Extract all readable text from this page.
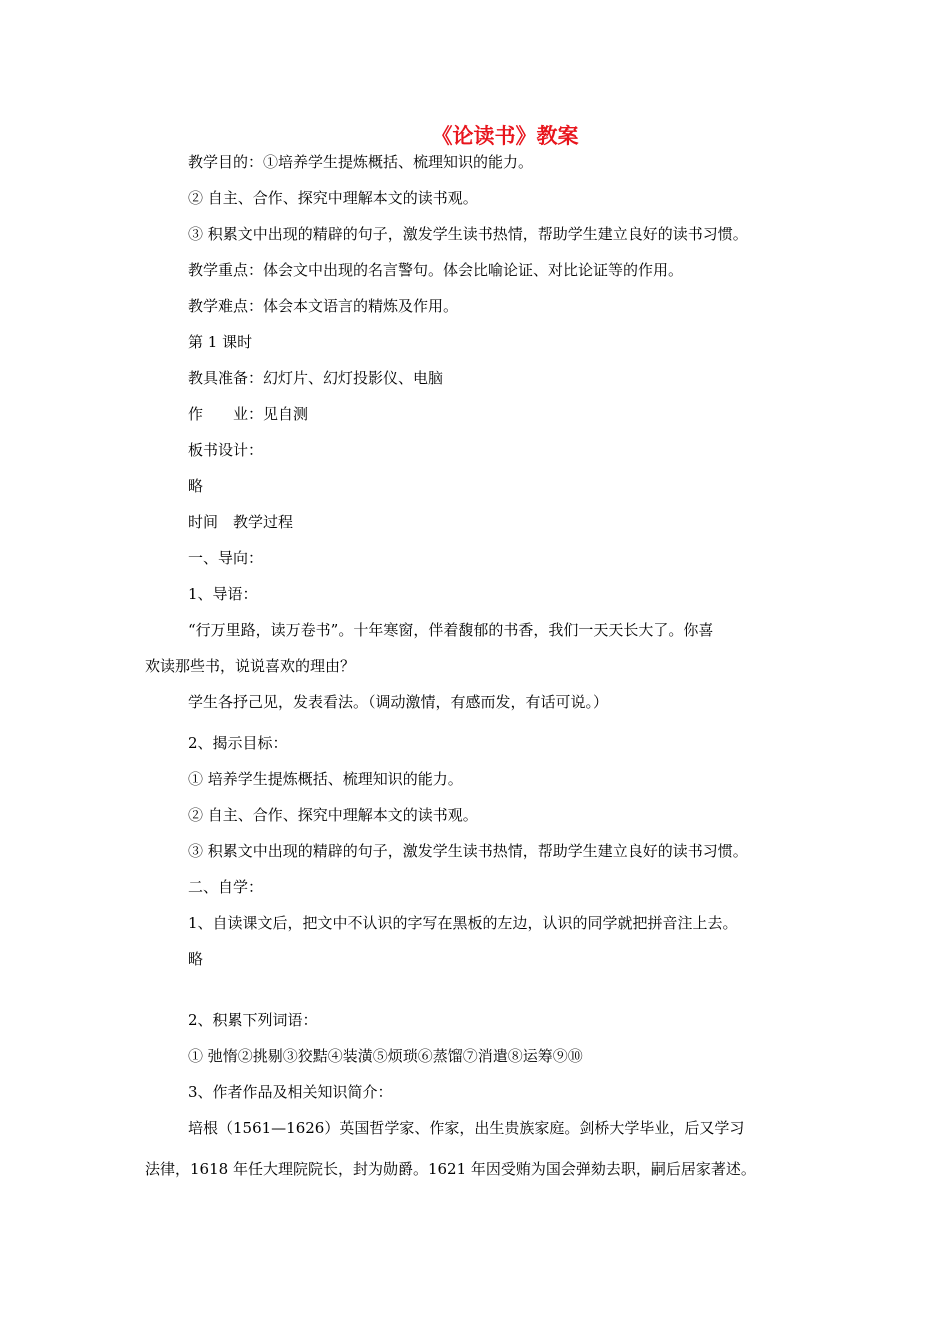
《论读书》教案
教学目的：①培养学生提炼概括、梳理知识的能力。
② 自主、合作、探究中理解本文的读书观。
③ 积累文中出现的精辟的句子，激发学生读书热情，帮助学生建立良好的读书习惯。
教学重点：体会文中出现的名言警句。体会比喻论证、对比论证等的作用。
教学难点：体会本文语言的精炼及作用。
第 1 课时
教具准备：幻灯片、幻灯投影仪、电脑
作　　业：见自测
板书设计：
略
时间　教学过程
一、导向：
1、导语：
“行万里路，读万卷书”。十年寒窗，伴着馥郁的书香，我们一天天长大了。你喜
欢读那些书，说说喜欢的理由？
学生各抒己见，发表看法。（调动激情，有感而发，有话可说。）
2、揭示目标：
① 培养学生提炼概括、梳理知识的能力。
② 自主、合作、探究中理解本文的读书观。
③ 积累文中出现的精辟的句子，激发学生读书热情，帮助学生建立良好的读书习惯。
二、自学：
1、自读课文后，把文中不认识的字写在黑板的左边，认识的同学就把拼音注上去。
略
2、积累下列词语：
① 弛惰②挑剔③狡黠④装潢⑤烦琐⑥蒸馏⑦消遣⑧运筹⑨⑩
3、作者作品及相关知识简介：
培根（1561—1626）英国哲学家、作家，出生贵族家庭。剑桥大学毕业，后又学习
法律，1618 年任大理院院长，封为勋爵。1621 年因受贿为国会弹劾去职，嗣后居家著述。
